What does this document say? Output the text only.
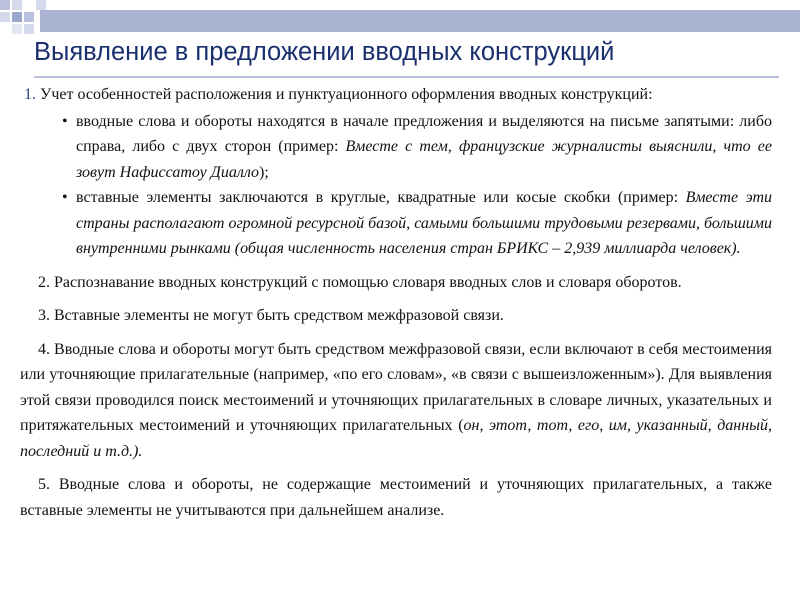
Выявление в предложении вводных конструкций

1. Учет особенностей расположения и пунктуационного оформления вводных конструкций:

• вводные слова и обороты находятся в начале предложения и выделяются на письме запятыми: либо справа, либо с двух сторон (пример: Вместе с тем, французские журналисты выяснили, что ее зовут Нафиссатоу Диалло);
• вставные элементы заключаются в круглые, квадратные или косые скобки (пример: Вместе эти страны располагают огромной ресурсной базой, самыми большими трудовыми резервами, большими внутренними рынками (общая численность населения стран БРИКС – 2,939 миллиарда человек).

2. Распознавание вводных конструкций с помощью словаря вводных слов и словаря оборотов.

3. Вставные элементы не могут быть средством межфразовой связи.

4. Вводные слова и обороты могут быть средством межфразовой связи, если включают в себя местоимения или уточняющие прилагательные (например, «по его словам», «в связи с вышеизложенным»). Для выявления этой связи проводился поиск местоимений и уточняющих прилагательных в словаре личных, указательных и притяжательных местоимений и уточняющих прилагательных (он, этот, тот, его, им, указанный, данный, последний и т.д.).

5. Вводные слова и обороты, не содержащие местоимений и уточняющих прилагательных, а также вставные элементы не учитываются при дальнейшем анализе.
